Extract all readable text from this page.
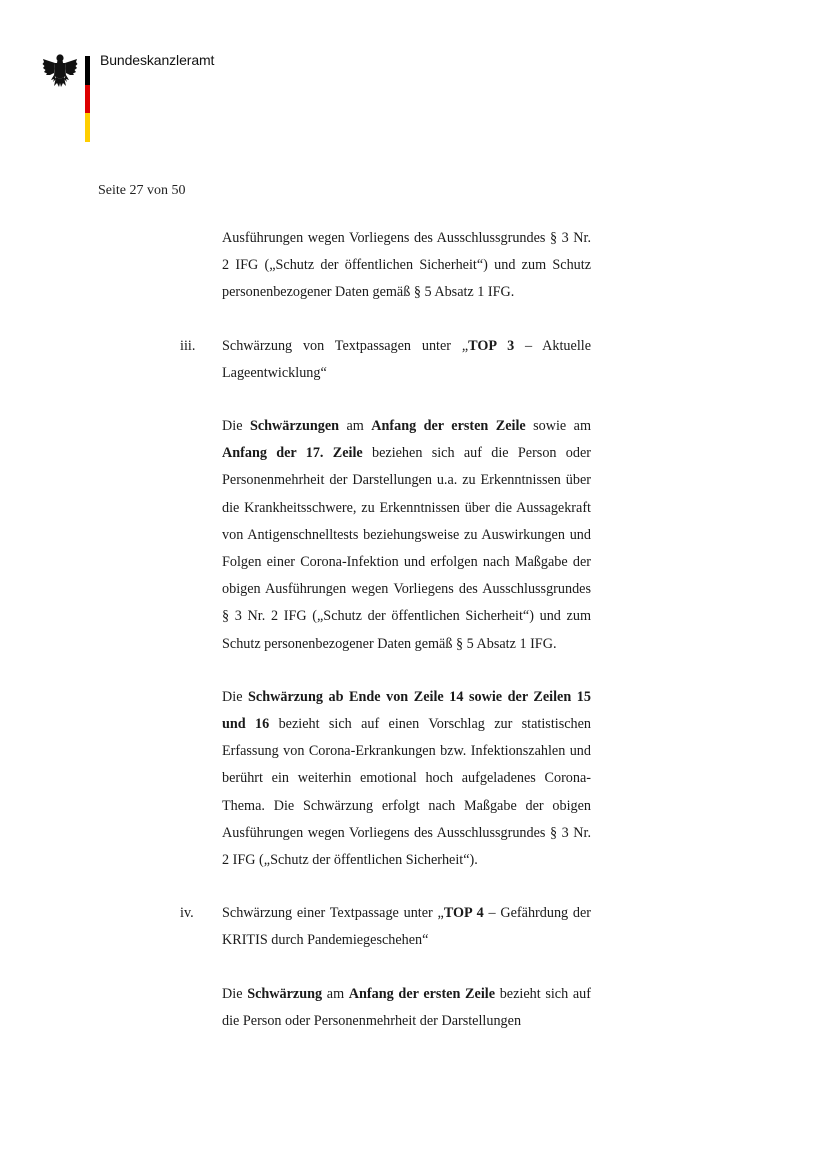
Bundeskanzleramt
Seite 27 von 50

Ausführungen wegen Vorliegens des Ausschlussgrundes § 3 Nr. 2 IFG („Schutz der öffentlichen Sicherheit“) und zum Schutz personenbezogener Daten gemäß § 5 Absatz 1 IFG.

iii. Schwärzung von Textpassagen unter „TOP 3 – Aktuelle Lageentwicklung“

Die Schwärzungen am Anfang der ersten Zeile sowie am Anfang der 17. Zeile beziehen sich auf die Person oder Personenmehrheit der Darstellungen u.a. zu Erkenntnissen über die Krankheitsschwere, zu Erkenntnissen über die Aussagekraft von Antigenschnelltests beziehungsweise zu Auswirkungen und Folgen einer Corona-Infektion und erfolgen nach Maßgabe der obigen Ausführungen wegen Vorliegens des Ausschlussgrundes § 3 Nr. 2 IFG („Schutz der öffentlichen Sicherheit“) und zum Schutz personenbezogener Daten gemäß § 5 Absatz 1 IFG.

Die Schwärzung ab Ende von Zeile 14 sowie der Zeilen 15 und 16 bezieht sich auf einen Vorschlag zur statistischen Erfassung von Corona-Erkrankungen bzw. Infektionszahlen und berührt ein weiterhin emotional hoch aufgeladenes Corona-Thema. Die Schwärzung erfolgt nach Maßgabe der obigen Ausführungen wegen Vorliegens des Ausschlussgrundes § 3 Nr. 2 IFG („Schutz der öffentlichen Sicherheit“).

iv. Schwärzung einer Textpassage unter „TOP 4 – Gefährdung der KRITIS durch Pandemiegeschehen“

Die Schwärzung am Anfang der ersten Zeile bezieht sich auf die Person oder Personenmehrheit der Darstellungen
